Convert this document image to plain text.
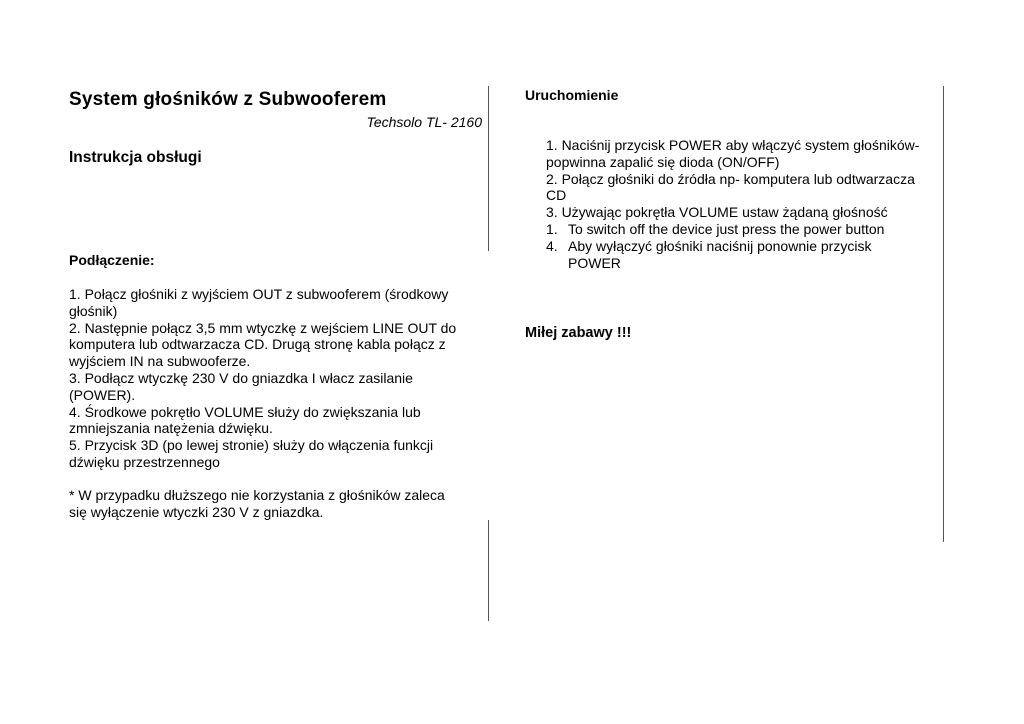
System głośników z Subwooferem
Techsolo TL- 2160
Instrukcja obsługi
Podłączenie:
1. Połącz głośniki z wyjściem OUT z subwooferem (środkowy
głośnik)
2. Następnie połącz 3,5 mm wtyczkę z wejściem LINE OUT do
komputera lub odtwarzacza CD. Drugą stronę kabla połącz z
wyjściem IN na subwooferze.
3. Podłącz wtyczkę 230 V do gniazdka I włacz zasilanie
(POWER).
4. Środkowe pokrętło VOLUME służy do zwiększania lub
zmniejszania natężenia dźwięku.
5. Przycisk 3D (po lewej stronie) służy do włączenia funkcji
dźwięku przestrzennego
* W przypadku dłuższego nie korzystania z głośników zaleca
się wyłączenie wtyczki 230 V z gniazdka.
Uruchomienie
1. Naciśnij przycisk POWER aby włączyć system głośników-
popwinna zapalić się dioda (ON/OFF)
2. Połącz głośniki do źródła np- komputera lub odtwarzacza
CD
3. Używając pokrętła VOLUME ustaw żądaną głośność
1. To switch off the device just press the power button
4. Aby wyłączyć głośniki naciśnij ponownie przycisk
POWER
Miłej zabawy !!!
